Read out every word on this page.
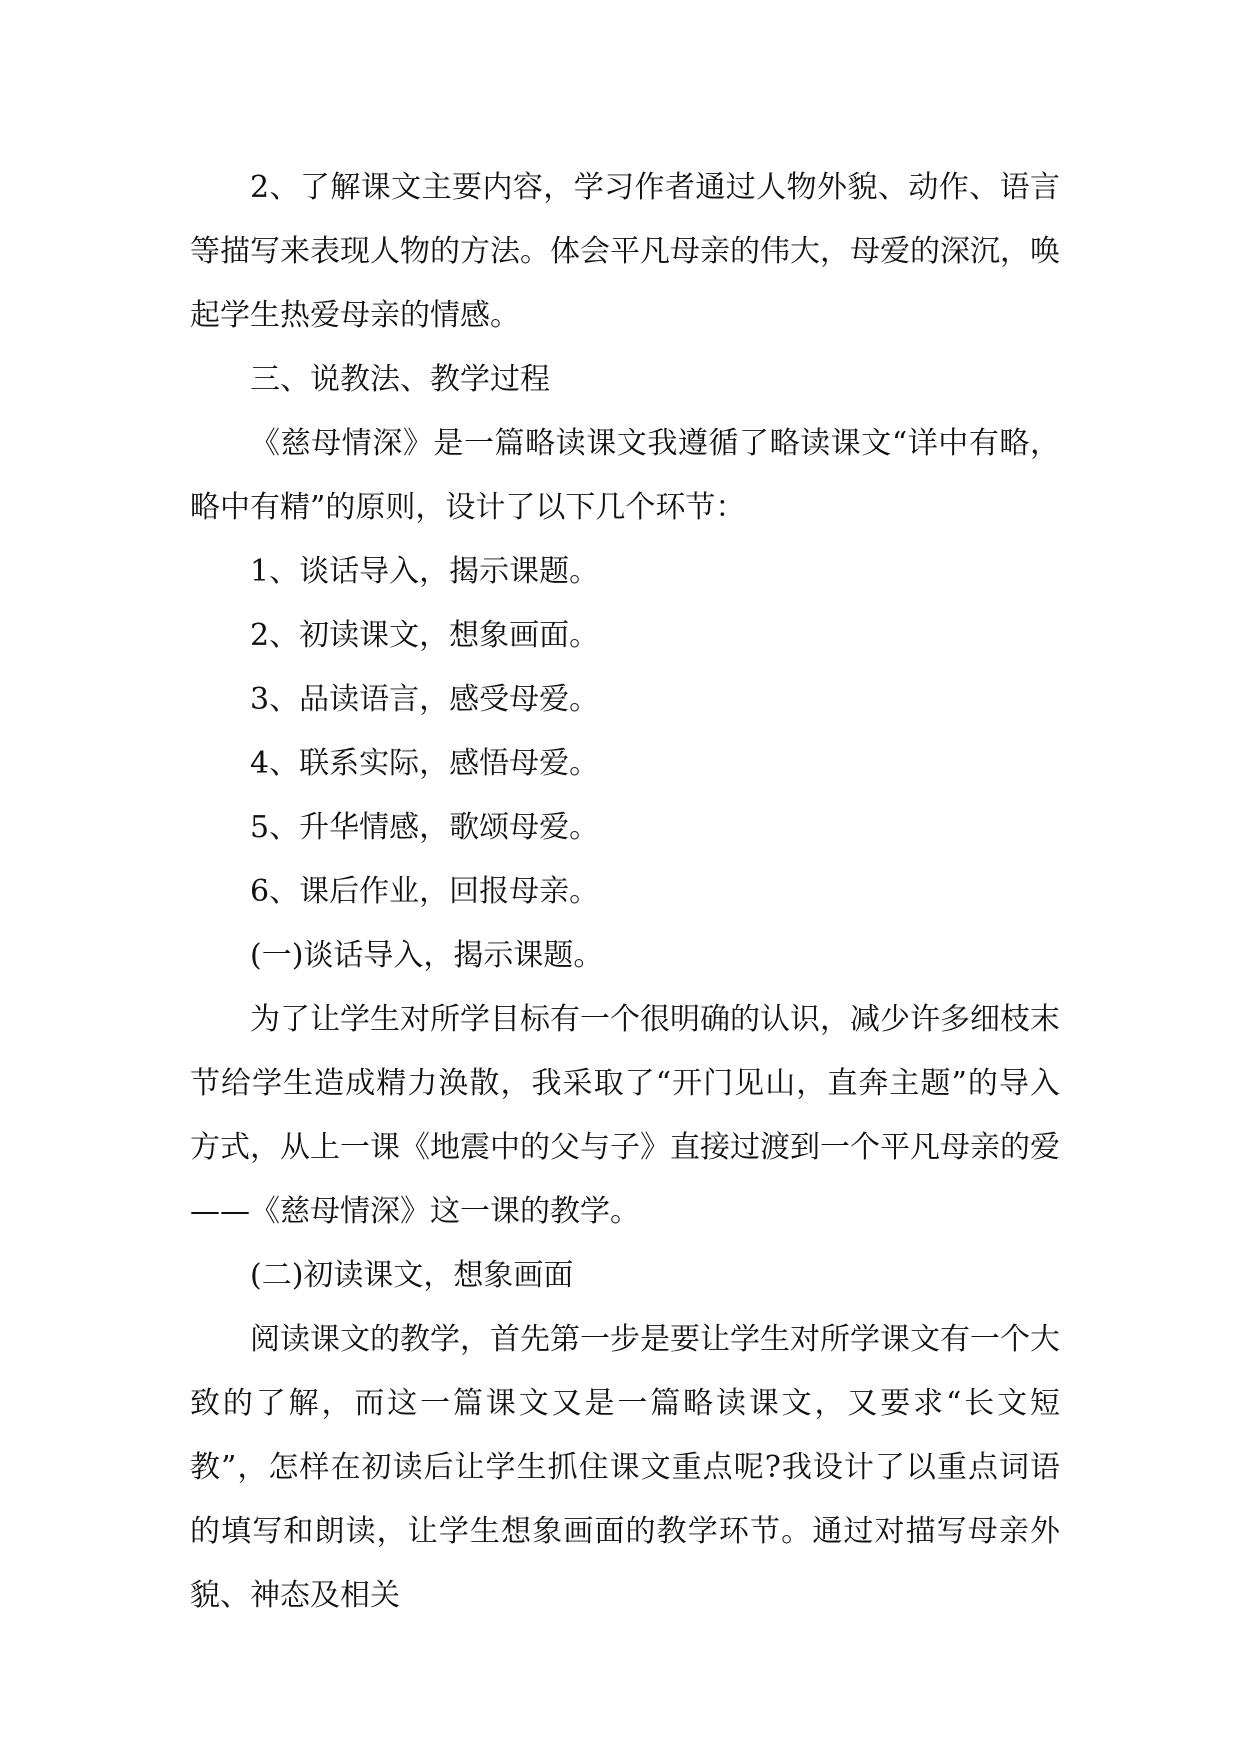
2、了解课文主要内容，学习作者通过人物外貌、动作、语言等描写来表现人物的方法。体会平凡母亲的伟大，母爱的深沉，唤起学生热爱母亲的情感。

三、说教法、教学过程

《慈母情深》是一篇略读课文我遵循了略读课文“详中有略，略中有精”的原则，设计了以下几个环节：

1、谈话导入，揭示课题。

2、初读课文，想象画面。

3、品读语言，感受母爱。

4、联系实际，感悟母爱。

5、升华情感，歌颂母爱。

6、课后作业，回报母亲。

(一)谈话导入，揭示课题。

为了让学生对所学目标有一个很明确的认识，减少许多细枝末节给学生造成精力涣散，我采取了“开门见山，直奔主题”的导入方式，从上一课《地震中的父与子》直接过渡到一个平凡母亲的爱——《慈母情深》这一课的教学。

(二)初读课文，想象画面

阅读课文的教学，首先第一步是要让学生对所学课文有一个大致的了解，而这一篇课文又是一篇略读课文，又要求“长文短教”，怎样在初读后让学生抓住课文重点呢?我设计了以重点词语的填写和朗读，让学生想象画面的教学环节。通过对描写母亲外貌、神态及相关
